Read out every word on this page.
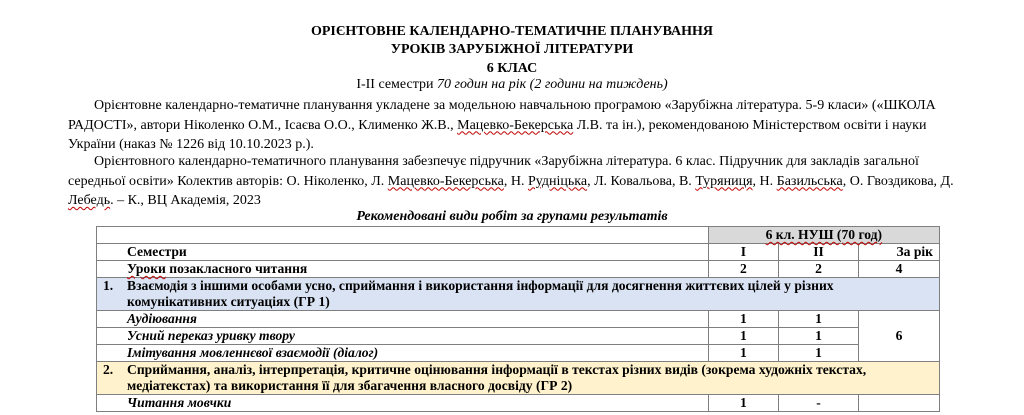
ОРІЄНТОВНЕ КАЛЕНДАРНО-ТЕМАТИЧНЕ ПЛАНУВАННЯ
УРОКІВ ЗАРУБІЖНОЇ ЛІТЕРАТУРИ
6 КЛАС
І-ІІ семестри 70 годин на рік (2 години на тиждень)
Орієнтовне календарно-тематичне планування укладене за модельною навчальною програмою «Зарубіжна література. 5-9 класи» («ШКОЛА РАДОСТІ», автори Ніколенко О.М., Ісаєва О.О., Клименко Ж.В., Мацевко-Бекерська Л.В. та ін.), рекомендованою Міністерством освіти і науки України (наказ № 1226 від 10.10.2023 р.).
Орієнтовного календарно-тематичного планування забезпечує підручник «Зарубіжна література. 6 клас. Підручник для закладів загальної середньої освіти» Колектив авторів: О. Ніколенко, Л. Мацевко-Бекерська, Н. Рудніцька, Л. Ковальова, В. Туряниця, Н. Базильська, О. Гвоздикова, Д. Лебедь. – К., ВЦ Академія, 2023
Рекомендовані види робіт за групами результатів
	6 кл. НУШ (70 год)		
Семестри	І	ІІ	За рік
Уроки позакласного читання	2	2	4
1. Взаємодія з іншими особами усно, сприймання і використання інформації для досягнення життєвих цілей у різних комунікативних ситуаціях (ГР 1)			
Аудіювання	1	1	6
Усний переказ уривку твору	1	1	
Імітування мовленнєвої взаємодії (діалог)	1	1	
2. Сприймання, аналіз, інтерпретація, критичне оцінювання інформації в текстах різних видів (зокрема художніх текстах, медіатекстах) та використання її для збагачення власного досвіду (ГР 2)			
Читання мовчки	1	-	
